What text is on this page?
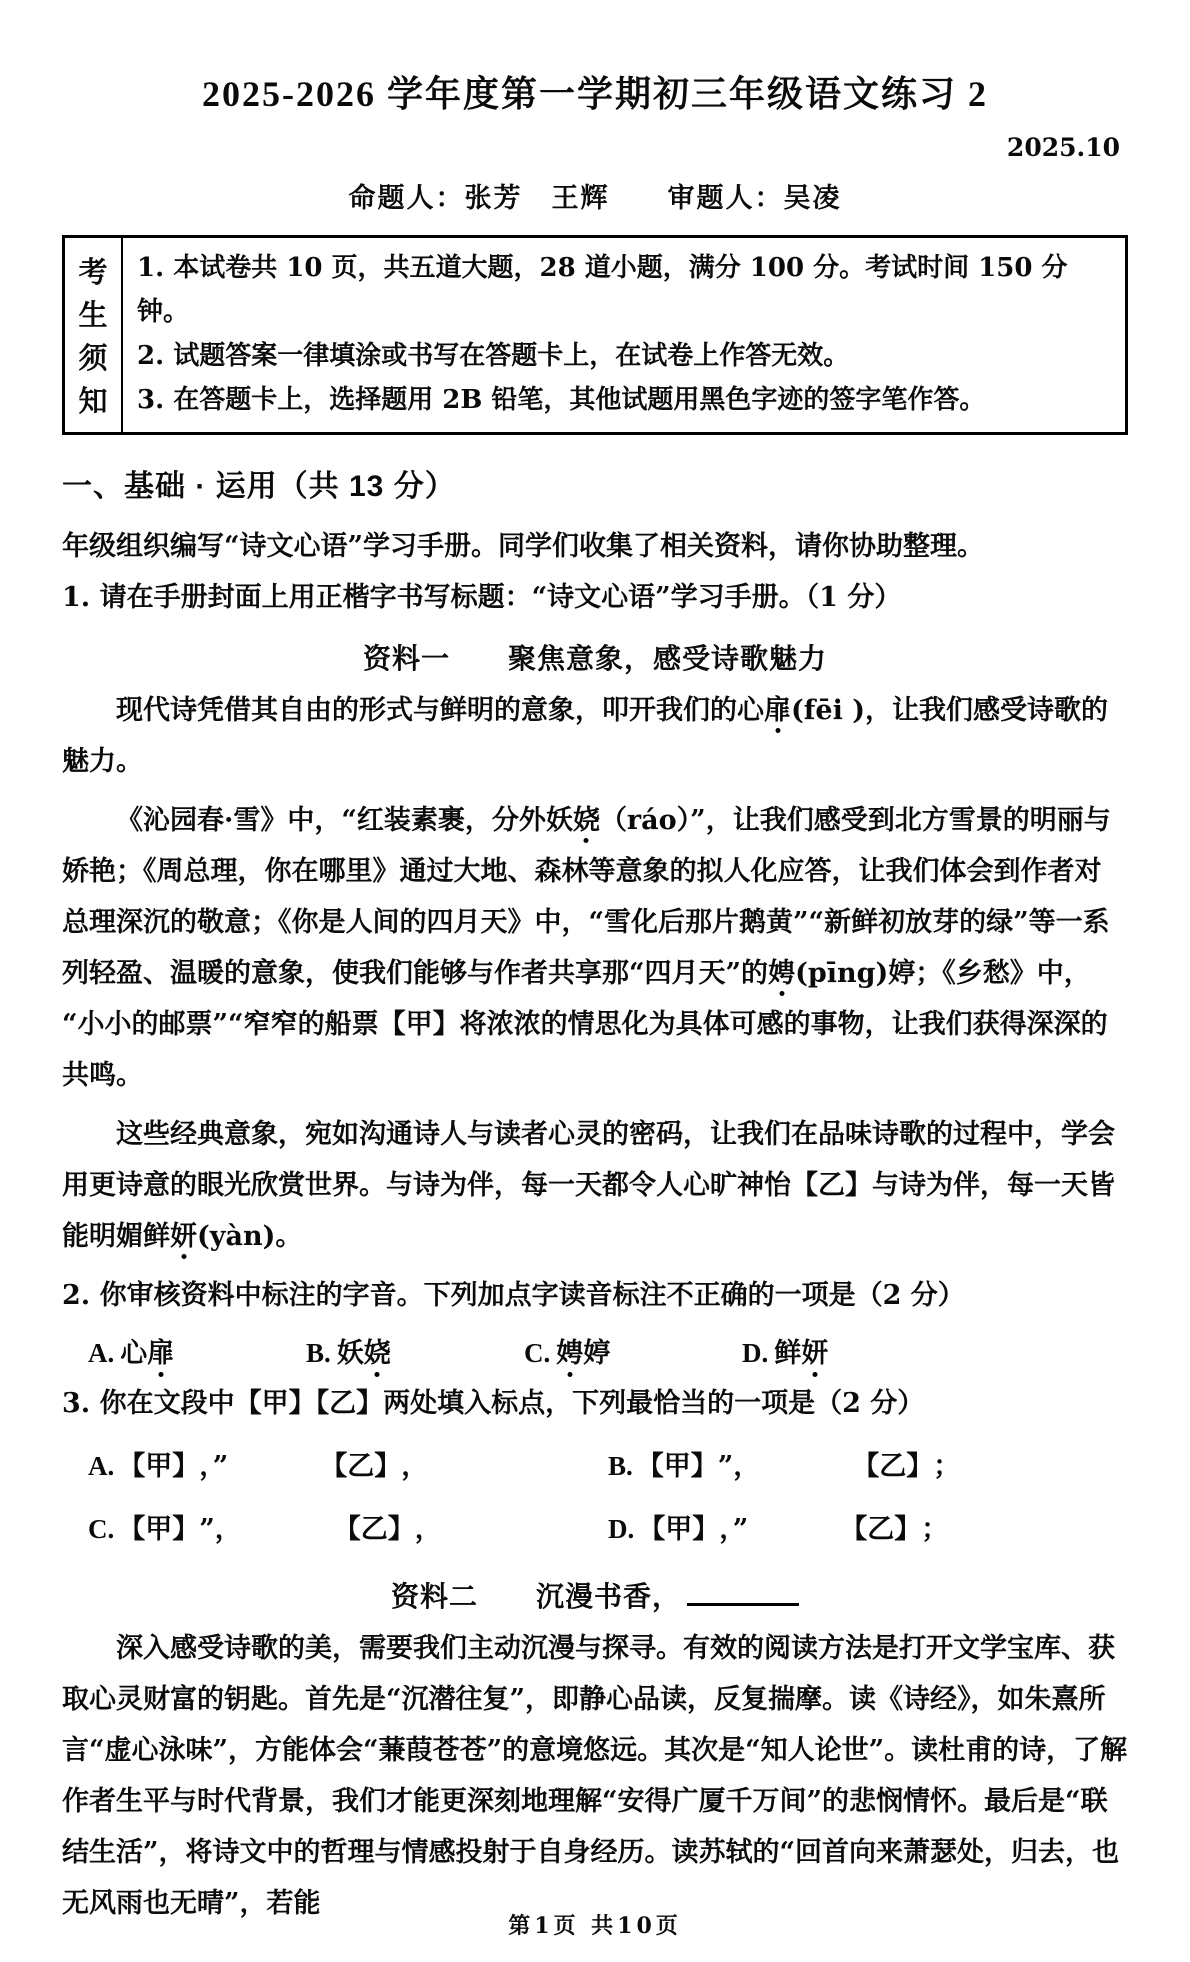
2025-2026 学年度第一学期初三年级语文练习 2
2025.10
命题人：张芳　王辉　　审题人：吴凌
考
生
须
知
1. 本试卷共 10 页，共五道大题，28 道小题，满分 100 分。考试时间 150 分钟。
2. 试题答案一律填涂或书写在答题卡上，在试卷上作答无效。
3. 在答题卡上，选择题用 2B 铅笔，其他试题用黑色字迹的签字笔作答。
一、基础 · 运用（共 13 分）

年级组织编写“诗文心语”学习手册。同学们收集了相关资料，请你协助整理。

1. 请在手册封面上用正楷字书写标题：“诗文心语”学习手册。（1 分）

资料一　　聚焦意象，感受诗歌魅力

现代诗凭借其自由的形式与鲜明的意象，叩开我们的心扉(fēi )，让我们感受诗歌的魅力。

《沁园春·雪》中，“红装素裹，分外妖娆（ráo）”，让我们感受到北方雪景的明丽与娇艳；《周总理，你在哪里》通过大地、森林等意象的拟人化应答，让我们体会到作者对总理深沉的敬意；《你是人间的四月天》中，“雪化后那片鹅黄”“新鲜初放芽的绿”等一系列轻盈、温暖的意象，使我们能够与作者共享那“四月天”的娉(pīng)婷；《乡愁》中，“小小的邮票”“窄窄的船票【甲】将浓浓的情思化为具体可感的事物，让我们获得深深的共鸣。

这些经典意象，宛如沟通诗人与读者心灵的密码，让我们在品味诗歌的过程中，学会用更诗意的眼光欣赏世界。与诗为伴，每一天都令人心旷神怡【乙】与诗为伴，每一天皆能明媚鲜妍(yàn)。

2. 你审核资料中标注的字音。下列加点字读音标注不正确的一项是（2 分）
A. 心 扉	B. 妖 娆	C. 娉 婷	D. 鲜 妍
3. 你在文段中【甲】【乙】两处填入标点，下列最恰当的一项是（2 分）
A. 【甲】 ，”	【乙】 ，	B. 【甲】 ”，	【乙】 ；
C. 【甲】 ”，	【乙】 ，	D. 【甲】 ，”	【乙】 ；
资料二　　沉漫书香，

深入感受诗歌的美，需要我们主动沉漫与探寻。有效的阅读方法是打开文学宝库、获取心灵财富的钥匙。首先是“沉潜往复”，即静心品读，反复揣摩。读《诗经》，如朱熹所言“虚心泳味”，方能体会“蒹葭苍苍”的意境悠远。其次是“知人论世”。读杜甫的诗，了解作者生平与时代背景，我们才能更深刻地理解“安得广厦千万间”的悲悯情怀。最后是“联结生活”，将诗文中的哲理与情感投射于自身经历。读苏轼的“回首向来萧瑟处，归去，也无风雨也无晴”，若能

第1页 共10页
